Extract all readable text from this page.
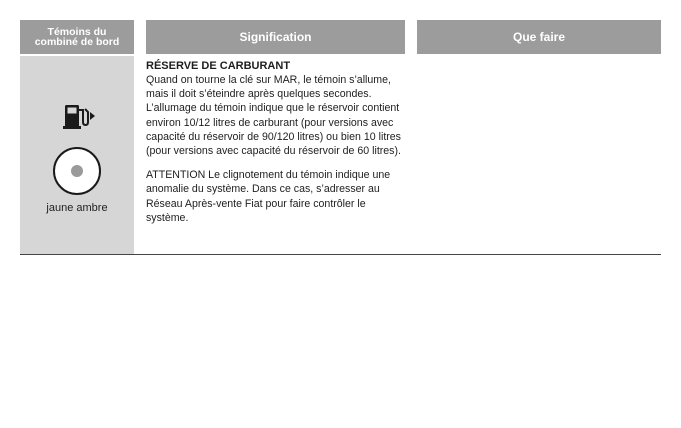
Témoins du
combiné de bord	Signification	Que faire
jaune ambre

RÉSERVE DE CARBURANT

Quand on tourne la clé sur MAR, le témoin s’allume, mais il doit s’éteindre après quelques secondes. L’allumage du témoin indique que le réservoir contient environ 10/12 litres de carburant (pour versions avec capacité du réservoir de 90/120 litres) ou bien 10 litres (pour versions avec capacité du réservoir de 60 litres).

ATTENTION Le clignotement du témoin indique une anomalie du système. Dans ce cas, s’adresser au Réseau Après-vente Fiat pour faire contrôler le système.
